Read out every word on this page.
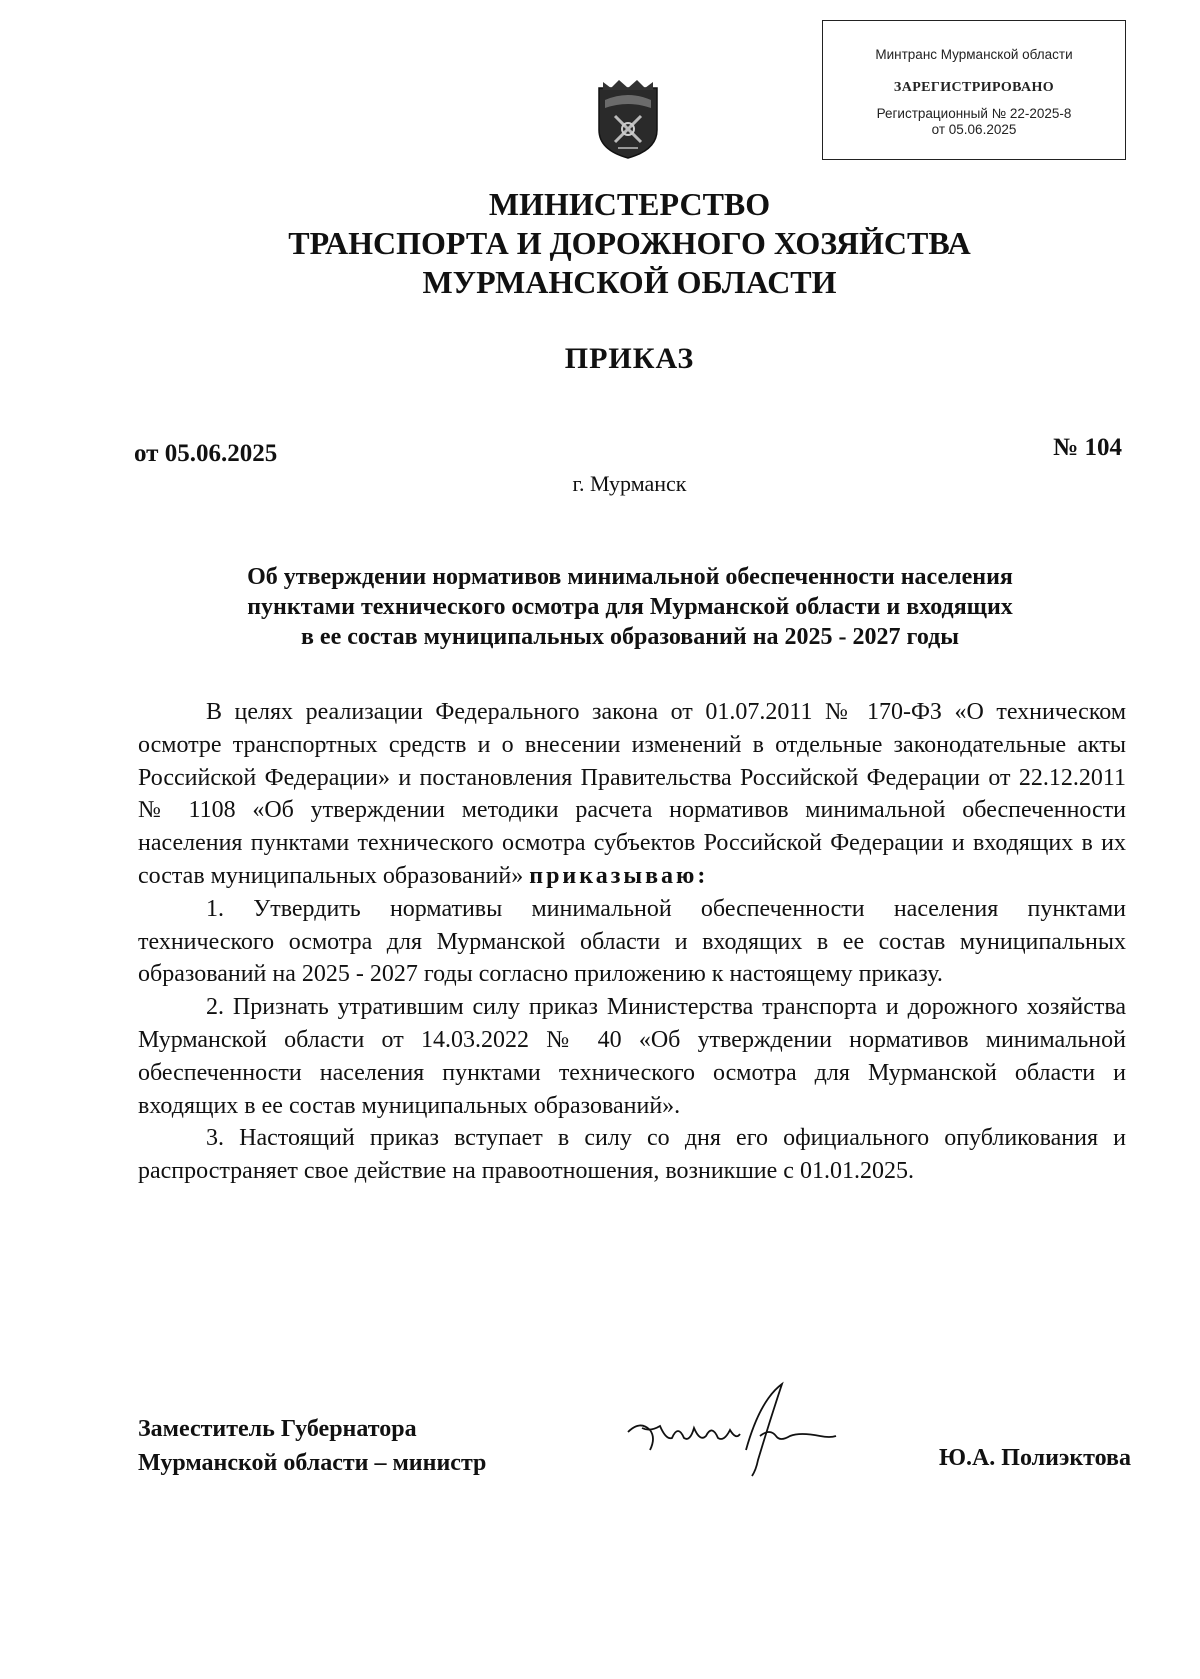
Минтранс Мурманской области
ЗАРЕГИСТРИРОВАНО
Регистрационный № 22-2025-8
от 05.06.2025
МИНИСТЕРСТВО
ТРАНСПОРТА И ДОРОЖНОГО ХОЗЯЙСТВА
МУРМАНСКОЙ ОБЛАСТИ
ПРИКАЗ
от 05.06.2025	№ 104
г. Мурманск
Об утверждении нормативов минимальной обеспеченности населения
пунктами технического осмотра для Мурманской области и входящих
в ее состав муниципальных образований на 2025 - 2027 годы

В целях реализации Федерального закона от 01.07.2011 № 170-ФЗ «О техническом осмотре транспортных средств и о внесении изменений в отдельные законодательные акты Российской Федерации» и постановления Правительства Российской Федерации от 22.12.2011 № 1108 «Об утверждении методики расчета нормативов минимальной обеспеченности населения пунктами технического осмотра субъектов Российской Федерации и входящих в их состав муниципальных образований» приказываю:

1. Утвердить нормативы минимальной обеспеченности населения пунктами технического осмотра для Мурманской области и входящих в ее состав муниципальных образований на 2025 - 2027 годы согласно приложению к настоящему приказу.

2. Признать утратившим силу приказ Министерства транспорта и дорожного хозяйства Мурманской области от 14.03.2022 № 40 «Об утверждении нормативов минимальной обеспеченности населения пунктами технического осмотра для Мурманской области и входящих в ее состав муниципальных образований».

3. Настоящий приказ вступает в силу со дня его официального опубликования и распространяет свое действие на правоотношения, возникшие с 01.01.2025.

Заместитель Губернатора
Мурманской области – министр	Ю.А. Полиэктова
